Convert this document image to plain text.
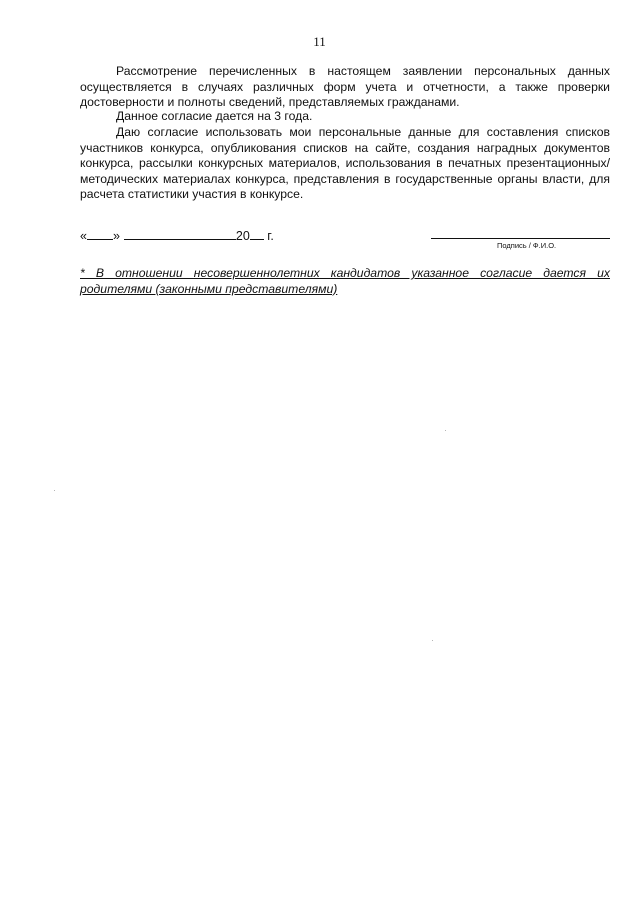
11

Рассмотрение перечисленных в настоящем заявлении персональных данных осуществляется в случаях различных форм учета и отчетности, а также проверки достоверности и полноты сведений, представляемых гражданами.

Данное согласие дается на 3 года.

Даю согласие использовать мои персональные данные для составления списков участников конкурса, опубликования списков на сайте, создания наградных документов конкурса, рассылки конкурсных материалов, использования в печатных презентационных/методических материалах конкурса, представления в государственные органы власти, для расчета статистики участия в конкурсе.

« »	20 г.
Подпись / Ф.И.О.

* В отношении несовершеннолетних кандидатов указанное согласие дается их родителями (законными представителями)
